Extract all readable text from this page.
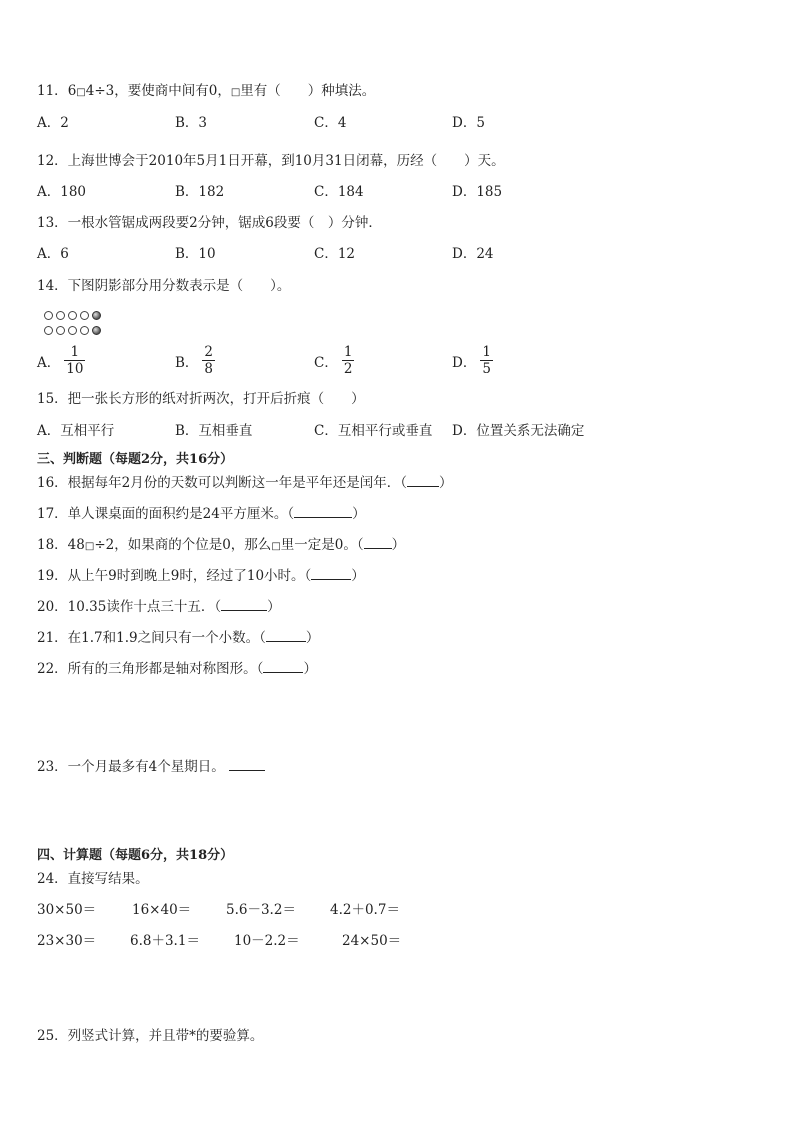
11．6□4÷3，要使商中间有0，□里有（　　）种填法。
A．2	B．3	C．4	D．5
12．上海世博会于2010年5月1日开幕，到10月31日闭幕，历经（　　）天。
A．180	B．182	C．184	D．185
13．一根水管锯成两段要2分钟，锯成6段要（　）分钟．
A．6	B．10	C．12	D．24
14．下图阴影部分用分数表示是（　　）。
A． $\frac{1}{10}$	B． $\frac{2}{8}$	C． $\frac{1}{2}$	D． $\frac{1}{5}$
15．把一张长方形的纸对折两次，打开后折痕（　　）
A．互相平行	B．互相垂直	C．互相平行或垂直 D．位置关系无法确定
三、判断题（每题2分，共16分）
16．根据每年2月份的天数可以判断这一年是平年还是闰年．（ ）
17．单人课桌面的面积约是24平方厘米。（	）
18．48□÷2，如果商的个位是0，那么□里一定是0。（ ）
19．从上午9时到晚上9时，经过了10小时。（	）
20．10.35读作十点三十五．（	）
21．在1.7和1.9之间只有一个小数。（	）
22．所有的三角形都是轴对称图形。（	）
23．一个月最多有4个星期日。
四、计算题（每题6分，共18分）
24．直接写结果。
30×50＝	16×40＝	5.6－3.2＝	4.2＋0.7＝
23×30＝	6.8＋3.1＝	10－2.2＝	24×50＝
25．列竖式计算，并且带*的要验算。
